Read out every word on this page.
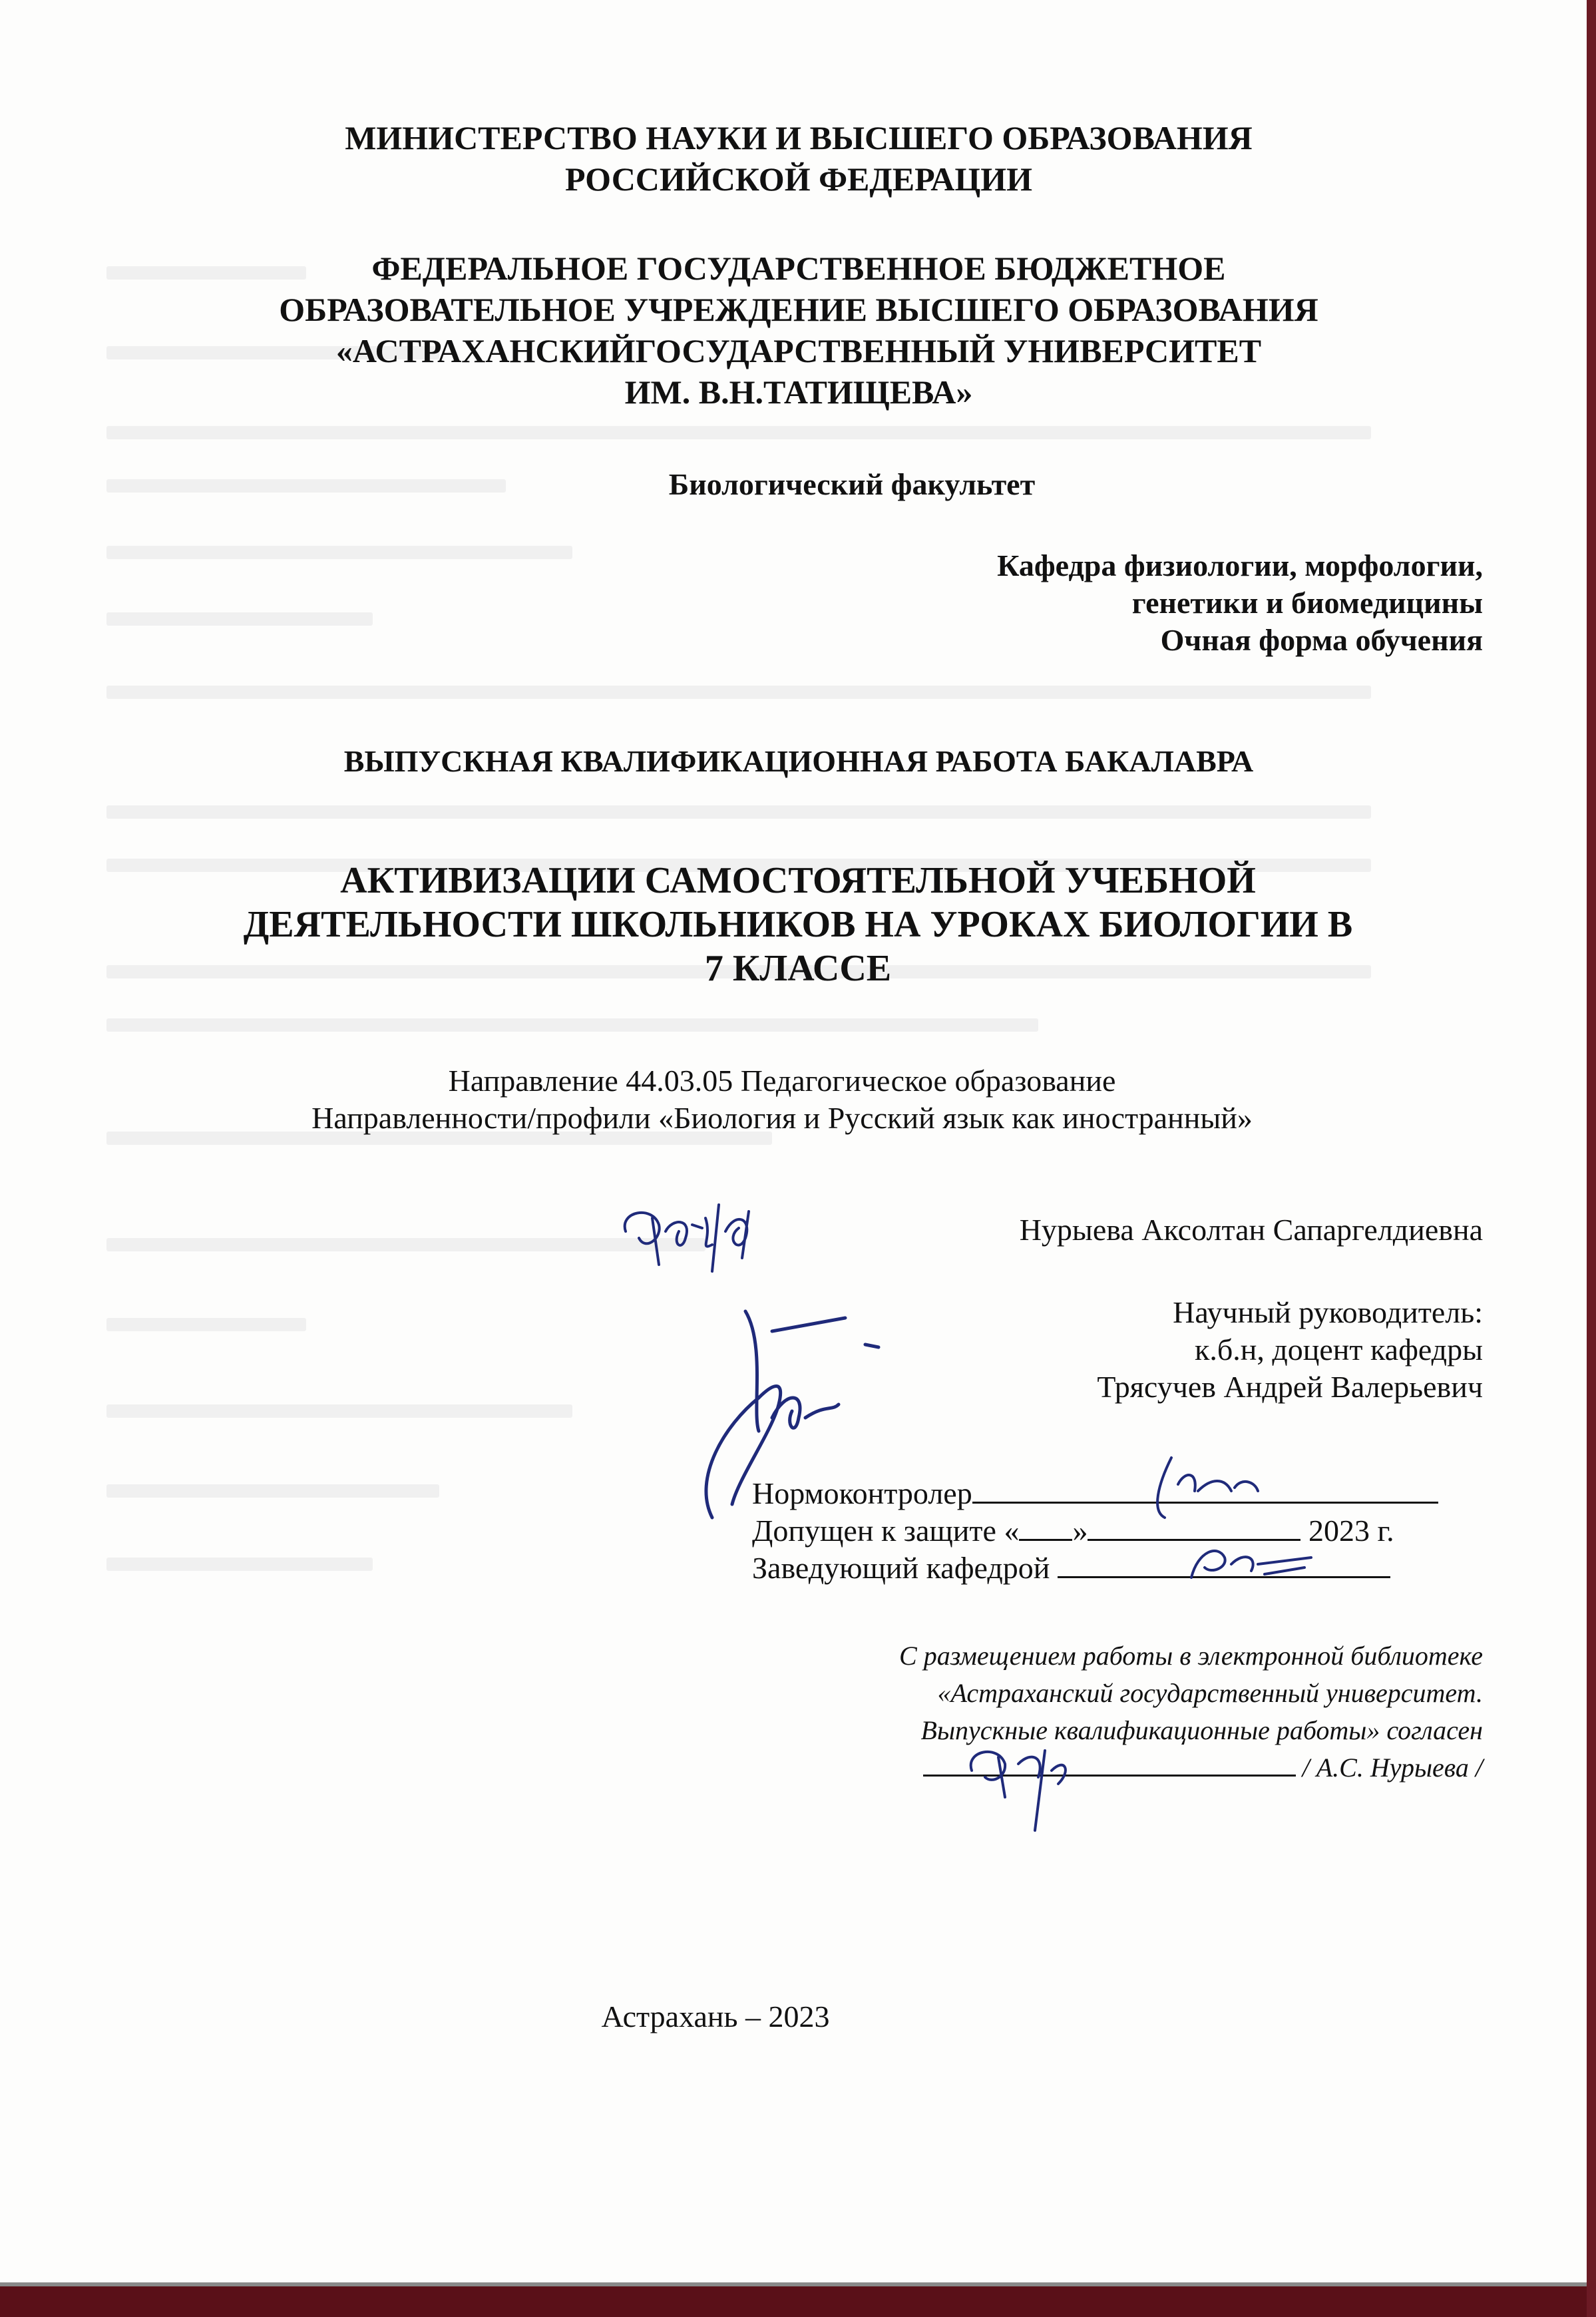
МИНИСТЕРСТВО НАУКИ И ВЫСШЕГО ОБРАЗОВАНИЯ
РОССИЙСКОЙ ФЕДЕРАЦИИ
ФЕДЕРАЛЬНОЕ ГОСУДАРСТВЕННОЕ БЮДЖЕТНОЕ
ОБРАЗОВАТЕЛЬНОЕ УЧРЕЖДЕНИЕ ВЫСШЕГО ОБРАЗОВАНИЯ
«АСТРАХАНСКИЙГОСУДАРСТВЕННЫЙ УНИВЕРСИТЕТ
ИМ. В.Н.ТАТИЩЕВА»
Биологический факультет
Кафедра физиологии, морфологии,
генетики и биомедицины
Очная форма обучения
ВЫПУСКНАЯ КВАЛИФИКАЦИОННАЯ РАБОТА БАКАЛАВРА
АКТИВИЗАЦИИ САМОСТОЯТЕЛЬНОЙ УЧЕБНОЙ
ДЕЯТЕЛЬНОСТИ ШКОЛЬНИКОВ НА УРОКАХ БИОЛОГИИ В
7 КЛАССЕ
Направление 44.03.05 Педагогическое образование
Направленности/профили «Биология и Русский язык как иностранный»
Нурыева Аксолтан Сапаргелдиевна
Научный руководитель:
к.б.н, доцент кафедры
Трясучев Андрей Валерьевич
Нормоконтролер
Допущен к защите « »	2023 г.
Заведующий кафедрой
С размещением работы в электронной библиотеке
«Астраханский государственный университет.
Выпускные квалификационные работы» согласен
/ А.С. Нурыева /
Астрахань – 2023
